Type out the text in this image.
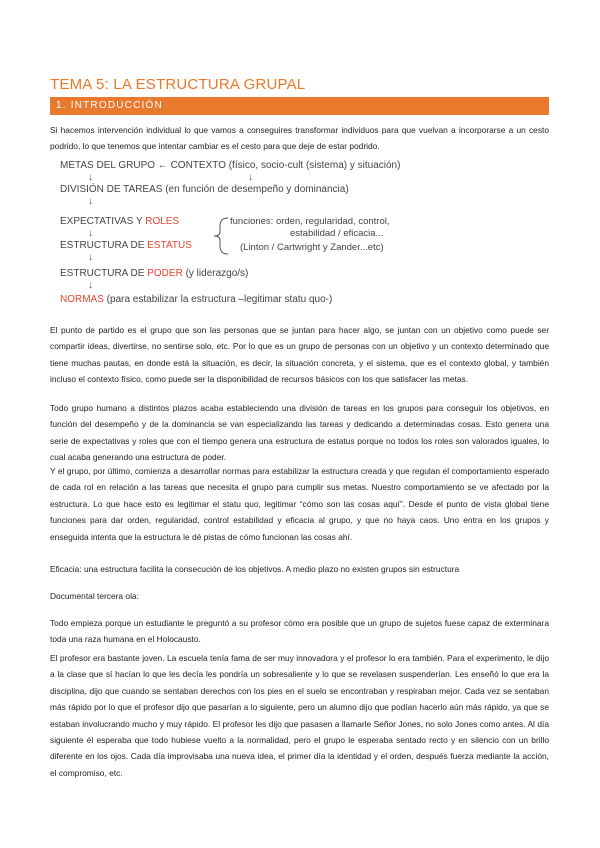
TEMA 5: LA ESTRUCTURA GRUPAL
1. INTRODUCCIÓN

Si hacemos intervención individual lo que vamos a conseguires transformar individuos para que vuelvan a incorporarse a un cesto podrido, lo que tenemos que intentar cambiar es el cesto para que deje de estar podrido.

METAS DEL GRUPO ← CONTEXTO (físico, socio-cult (sistema) y situación)
↓	↓
DIVISIÓN DE TAREAS (en función de desempeño y dominancia)
↓
EXPECTATIVAS Y ROLES
↓
ESTRUCTURA DE ESTATUS
↓
ESTRUCTURA DE PODER (y liderazgo/s)
↓
NORMAS (para estabilizar la estructura –legitimar statu quo-)
funciones: orden, regularidad, control,
estabilidad / eficacia...
(Linton / Cartwright y Zander...etc)

El punto de partido es el grupo que son las personas que se juntan para hacer algo, se juntan con un objetivo como puede ser compartir ideas, divertirse, no sentirse solo, etc. Por lo que es un grupo de personas con un objetivo y un contexto determinado que tiene muchas pautas, en donde está la situación, es decir, la situación concreta, y el sistema, que es el contexto global, y también incluso el contexto físico, como puede ser la disponibilidad de recursos básicos con los que satisfacer las metas.

Todo grupo humano a distintos plazos acaba estableciendo una división de tareas en los grupos para conseguir los objetivos, en función del desempeño y de la dominancia se van especializando las tareas y dedicando a determinadas cosas. Esto genera una serie de expectativas y roles que con el tiempo genera una estructura de estatus porque no todos los roles son valorados iguales, lo cual acaba generando una estructura de poder.

Y el grupo, por último, comienza a desarrollar normas para estabilizar la estructura creada y que regulan el comportamiento esperado de cada rol en relación a las tareas que necesita el grupo para cumplir sus metas. Nuestro comportamiento se ve afectado por la estructura. Lo que hace esto es legitimar el statu quo, legitimar “cómo son las cosas aquí”. Desde el punto de vista global tiene funciones para dar orden, regularidad, control estabilidad y eficacia al grupo, y que no haya caos. Uno entra en los grupos y enseguida intenta que la estructura le dé pistas de cómo funcionan las cosas ahí.

Eficacia: una estructura facilita la consecución de los objetivos. A medio plazo no existen grupos sin estructura

Documental tercera ola:

Todo empieza porque un estudiante le preguntó a su profesor cómo era posible que un grupo de sujetos fuese capaz de exterminara toda una raza humana en el Holocausto.

El profesor era bastante joven. La escuela tenía fama de ser muy innovadora y el profesor lo era también. Para el experimento, le dijo a la clase que sí hacían lo que les decía les pondría un sobresaliente y lo que se revelasen suspenderían. Les enseñó lo que era la disciplina, dijo que cuando se sentaban derechos con los pies en el suelo se encontraban y respiraban mejor. Cada vez se sentaban más rápido por lo que el profesor dijo que pasarían a lo siguiente, pero un alumno dijo que podían hacerlo aún más rápido, ya que se estaban involucrando mucho y muy rápido. El profesor les dijo que pasasen a llamarle Señor Jones, no solo Jones como antes. Al día siguiente él esperaba que todo hubiese vuelto a la normalidad, pero el grupo le esperaba sentado recto y en silencio con un brillo diferente en los ojos. Cada día improvisaba una nueva idea, el primer día la identidad y el orden, después fuerza mediante la acción, el compromiso, etc.
